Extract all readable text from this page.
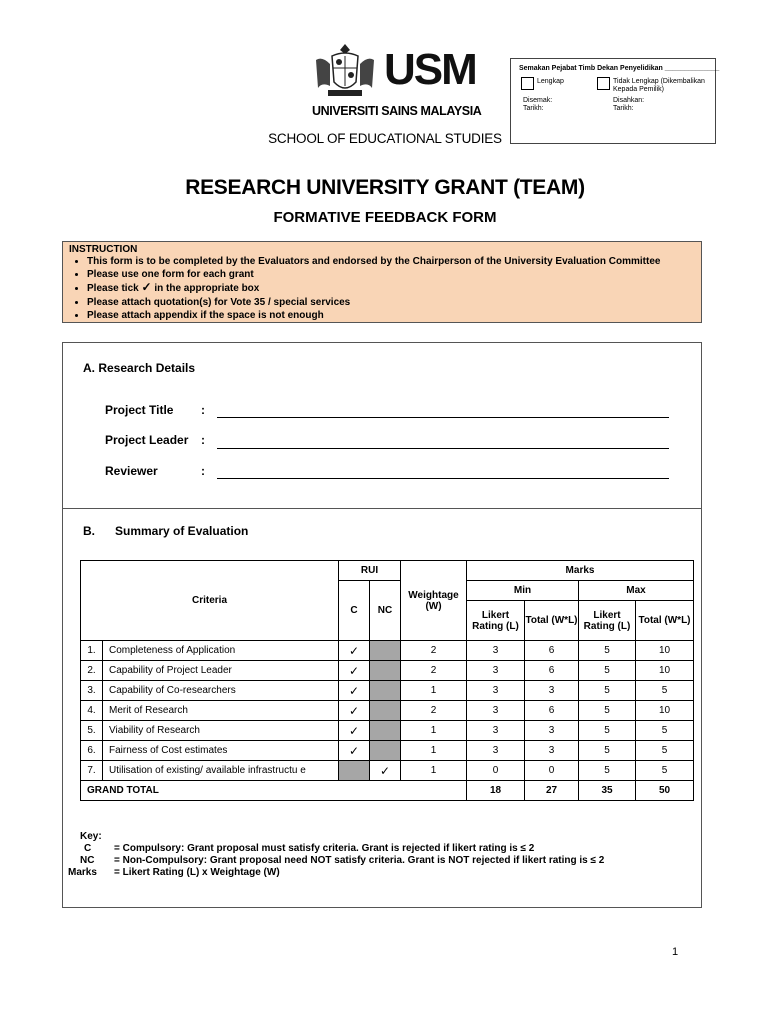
USM
UNIVERSITI SAINS MALAYSIA
Semakan Pejabat Timb Dekan Penyelidikan ______________
Lengkap	Tidak Lengkap (Dikembalikan
Kepada Pemilik)
Disemak:
Tarikh:
Disahkan:
Tarikh:
SCHOOL OF EDUCATIONAL STUDIES
RESEARCH UNIVERSITY GRANT (TEAM)
FORMATIVE FEEDBACK FORM
INSTRUCTION
• This form is to be completed by the Evaluators and endorsed by the Chairperson of the University Evaluation Committee
• Please use one form for each grant
• Please tick ✓ in the appropriate box
• Please attach quotation(s) for Vote 35 / special services
• Please attach appendix if the space is not enough
A. Research Details
Project Title :
Project Leader :
Reviewer	:
B. Summary of Evaluation
Criteria		RUI		Weightage (W)	Marks			
		C	NC		Min		Max	
					Likert Rating (L)	Total (W*L)	Likert Rating (L)	Total (W*L)
1.	Completeness of Application	✓		2	3	6	5	10
2.	Capability of Project Leader	✓		2	3	6	5	10
3.	Capability of Co-researchers	✓		1	3	3	5	5
4.	Merit of Research	✓		2	3	6	5	10
5.	Viability of Research	✓		1	3	3	5	5
6.	Fairness of Cost estimates	✓		1	3	3	5	5
7.	Utilisation of existing/ available infrastructu e		✓	1	0	0	5	5
GRAND TOTAL					18	27	35	50
Key:
C = Compulsory: Grant proposal must satisfy criteria. Grant is rejected if likert rating is ≤ 2
NC = Non-Compulsory: Grant proposal need NOT satisfy criteria. Grant is NOT rejected if likert rating is ≤ 2
Marks = Likert Rating (L) x Weightage (W)
1
